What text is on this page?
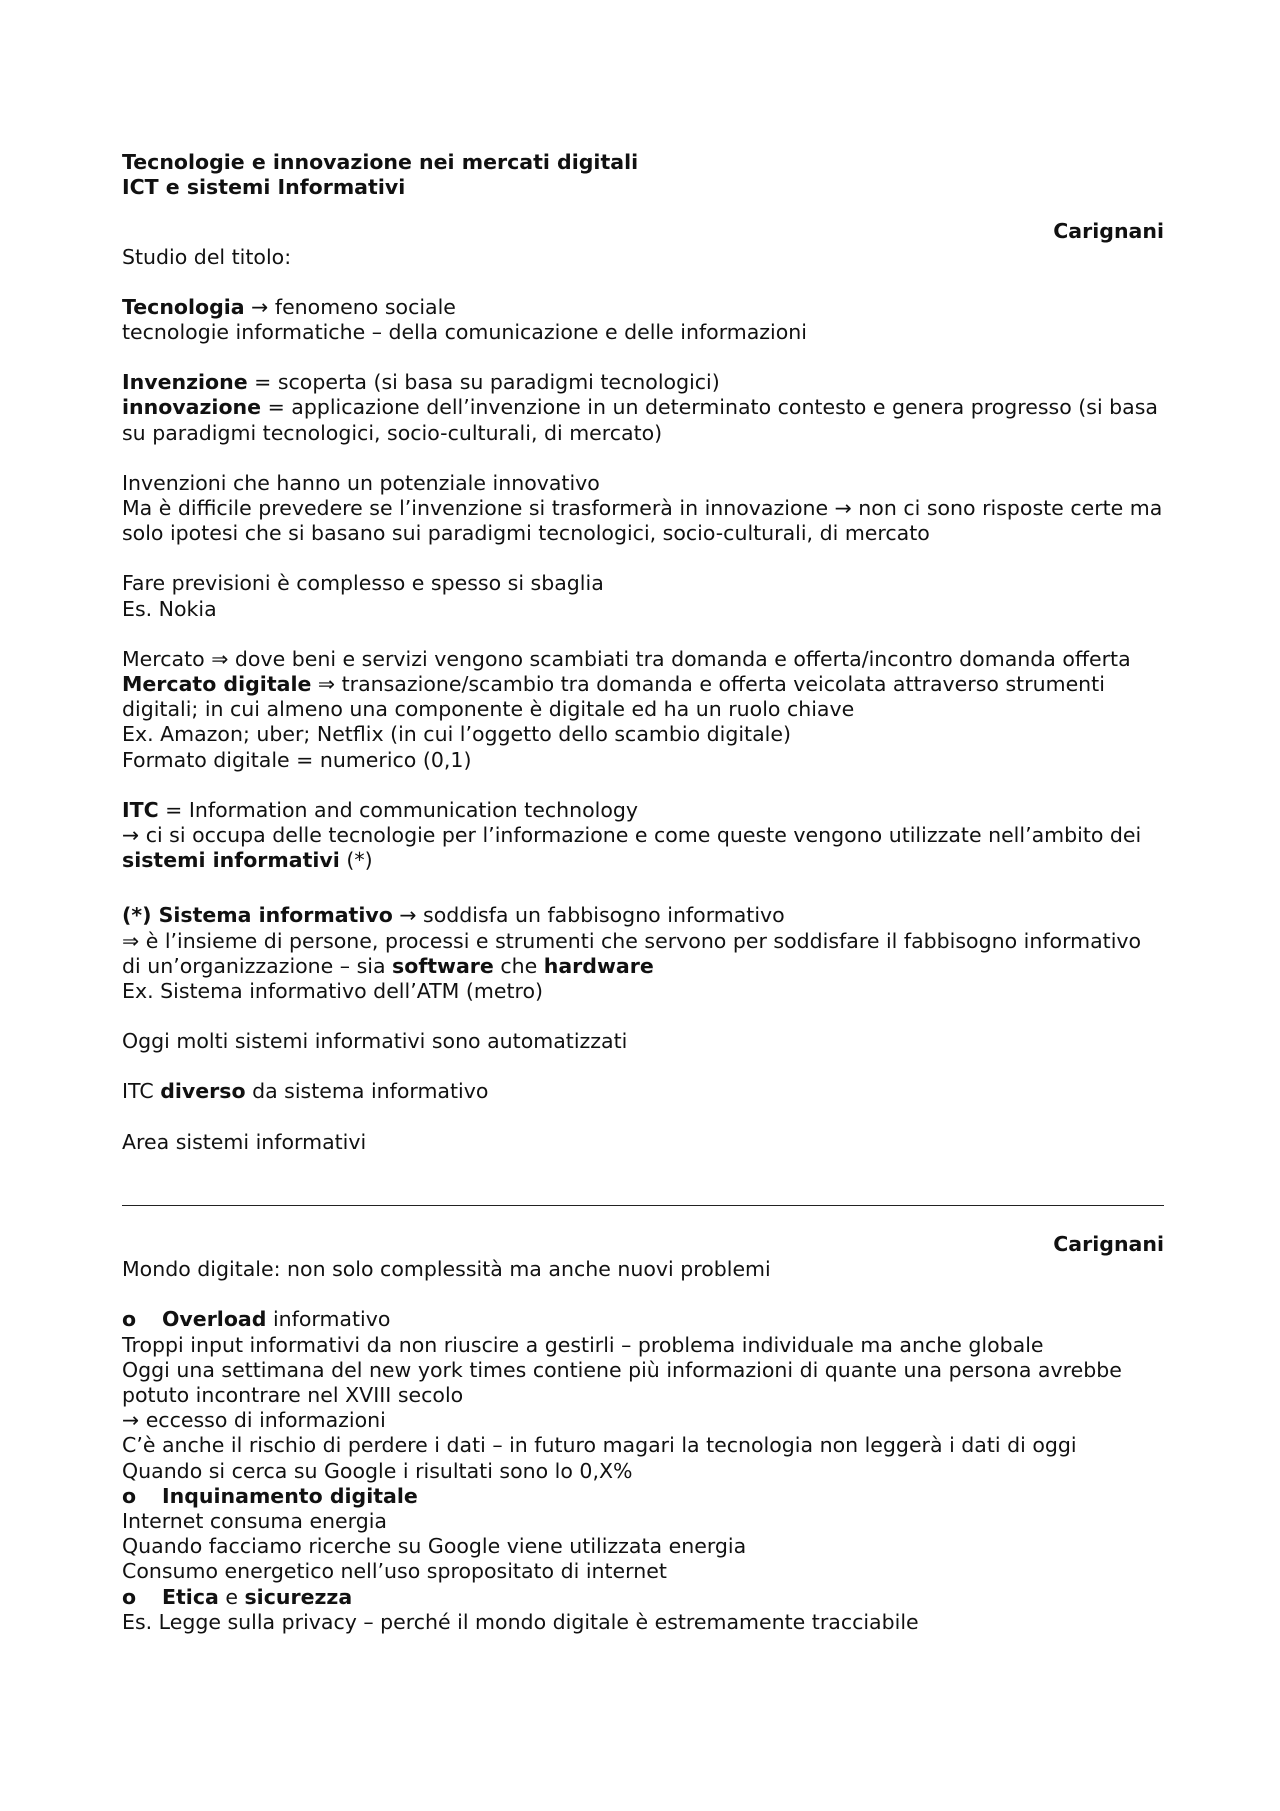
Tecnologie e innovazione nei mercati digitali
ICT e sistemi Informativi
Carignani
Studio del titolo:
Tecnologia → fenomeno sociale
tecnologie informatiche – della comunicazione e delle informazioni
Invenzione = scoperta (si basa su paradigmi tecnologici)
innovazione = applicazione dell’invenzione in un determinato contesto e genera progresso (si basa su paradigmi tecnologici, socio-culturali, di mercato)
Invenzioni che hanno un potenziale innovativo
Ma è difficile prevedere se l’invenzione si trasformerà in innovazione → non ci sono risposte certe ma solo ipotesi che si basano sui paradigmi tecnologici, socio-culturali, di mercato
Fare previsioni è complesso e spesso si sbaglia
Es. Nokia
Mercato ⇒ dove beni e servizi vengono scambiati tra domanda e offerta/incontro domanda offerta
Mercato digitale ⇒ transazione/scambio tra domanda e offerta veicolata attraverso strumenti digitali; in cui almeno una componente è digitale ed ha un ruolo chiave
Ex. Amazon; uber; Netflix (in cui l’oggetto dello scambio digitale)
Formato digitale = numerico (0,1)
ITC = Information and communication technology
→ ci si occupa delle tecnologie per l’informazione e come queste vengono utilizzate nell’ambito dei sistemi informativi (*)
(*) Sistema informativo → soddisfa un fabbisogno informativo
⇒ è l’insieme di persone, processi e strumenti che servono per soddisfare il fabbisogno informativo di un’organizzazione – sia software che hardware
Ex. Sistema informativo dell’ATM (metro)
Oggi molti sistemi informativi sono automatizzati
ITC diverso da sistema informativo
Area sistemi informativi
Carignani
Mondo digitale: non solo complessità ma anche nuovi problemi
o Overload informativo
Troppi input informativi da non riuscire a gestirli – problema individuale ma anche globale
Oggi una settimana del new york times contiene più informazioni di quante una persona avrebbe potuto incontrare nel XVIII secolo
→ eccesso di informazioni
C’è anche il rischio di perdere i dati – in futuro magari la tecnologia non leggerà i dati di oggi
Quando si cerca su Google i risultati sono lo 0,X%
o Inquinamento digitale
Internet consuma energia
Quando facciamo ricerche su Google viene utilizzata energia
Consumo energetico nell’uso spropositato di internet
o Etica e sicurezza
Es. Legge sulla privacy – perché il mondo digitale è estremamente tracciabile
